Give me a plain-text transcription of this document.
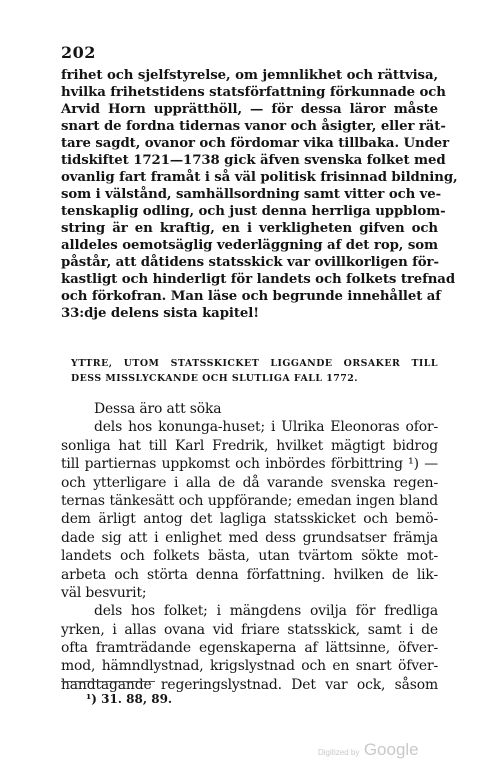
202
frihet och sjelfstyrelse, om jemnlikhet och rättvisa,
hvilka frihetstidens statsförfattning förkunnade och
Arvid Horn upprätthöll, — för dessa läror måste
snart de fordna tidernas vanor och åsigter, eller rät-
tare sagdt, ovanor och fördomar vika tillbaka. Under
tidskiftet 1721—1738 gick äfven svenska folket med
ovanlig fart framåt i så väl politisk frisinnad bildning,
som i välstånd, samhällsordning samt vitter och ve-
tenskaplig odling, och just denna herrliga uppblom-
string är en kraftig, en i verkligheten gifven och
alldeles oemotsäglig vederläggning af det rop, som
påstår, att dåtidens statsskick var ovillkorligen för-
kastligt och hinderligt för landets och folkets trefnad
och förkofran. Man läse och begrunde innehållet af
33:dje delens sista kapitel!
YTTRE, UTOM STATSSKICKET LIGGANDE ORSAKER TILL
DESS MISSLYCKANDE OCH SLUTLIGA FALL 1772.
Dessa äro att söka
dels hos konunga-huset; i Ulrika Eleonoras ofor-
sonliga hat till Karl Fredrik, hvilket mägtigt bidrog
till partiernas uppkomst och inbördes förbittring ¹) —
och ytterligare i alla de då varande svenska regen-
ternas tänkesätt och uppförande; emedan ingen bland
dem ärligt antog det lagliga statsskicket och bemö-
dade sig att i enlighet med dess grundsatser främja
landets och folkets bästa, utan tvärtom sökte mot-
arbeta och störta denna författning. hvilken de lik-
väl besvurit;
dels hos folket; i mängdens ovilja för fredliga
yrken, i allas ovana vid friare statsskick, samt i de
ofta framträdande egenskaperna af lättsinne, öfver-
mod, hämndlystnad, krigslystnad och en snart öfver-
handtagande regeringslystnad. Det var ock, såsom
¹) 31. 88, 89.
Digitized by Google
